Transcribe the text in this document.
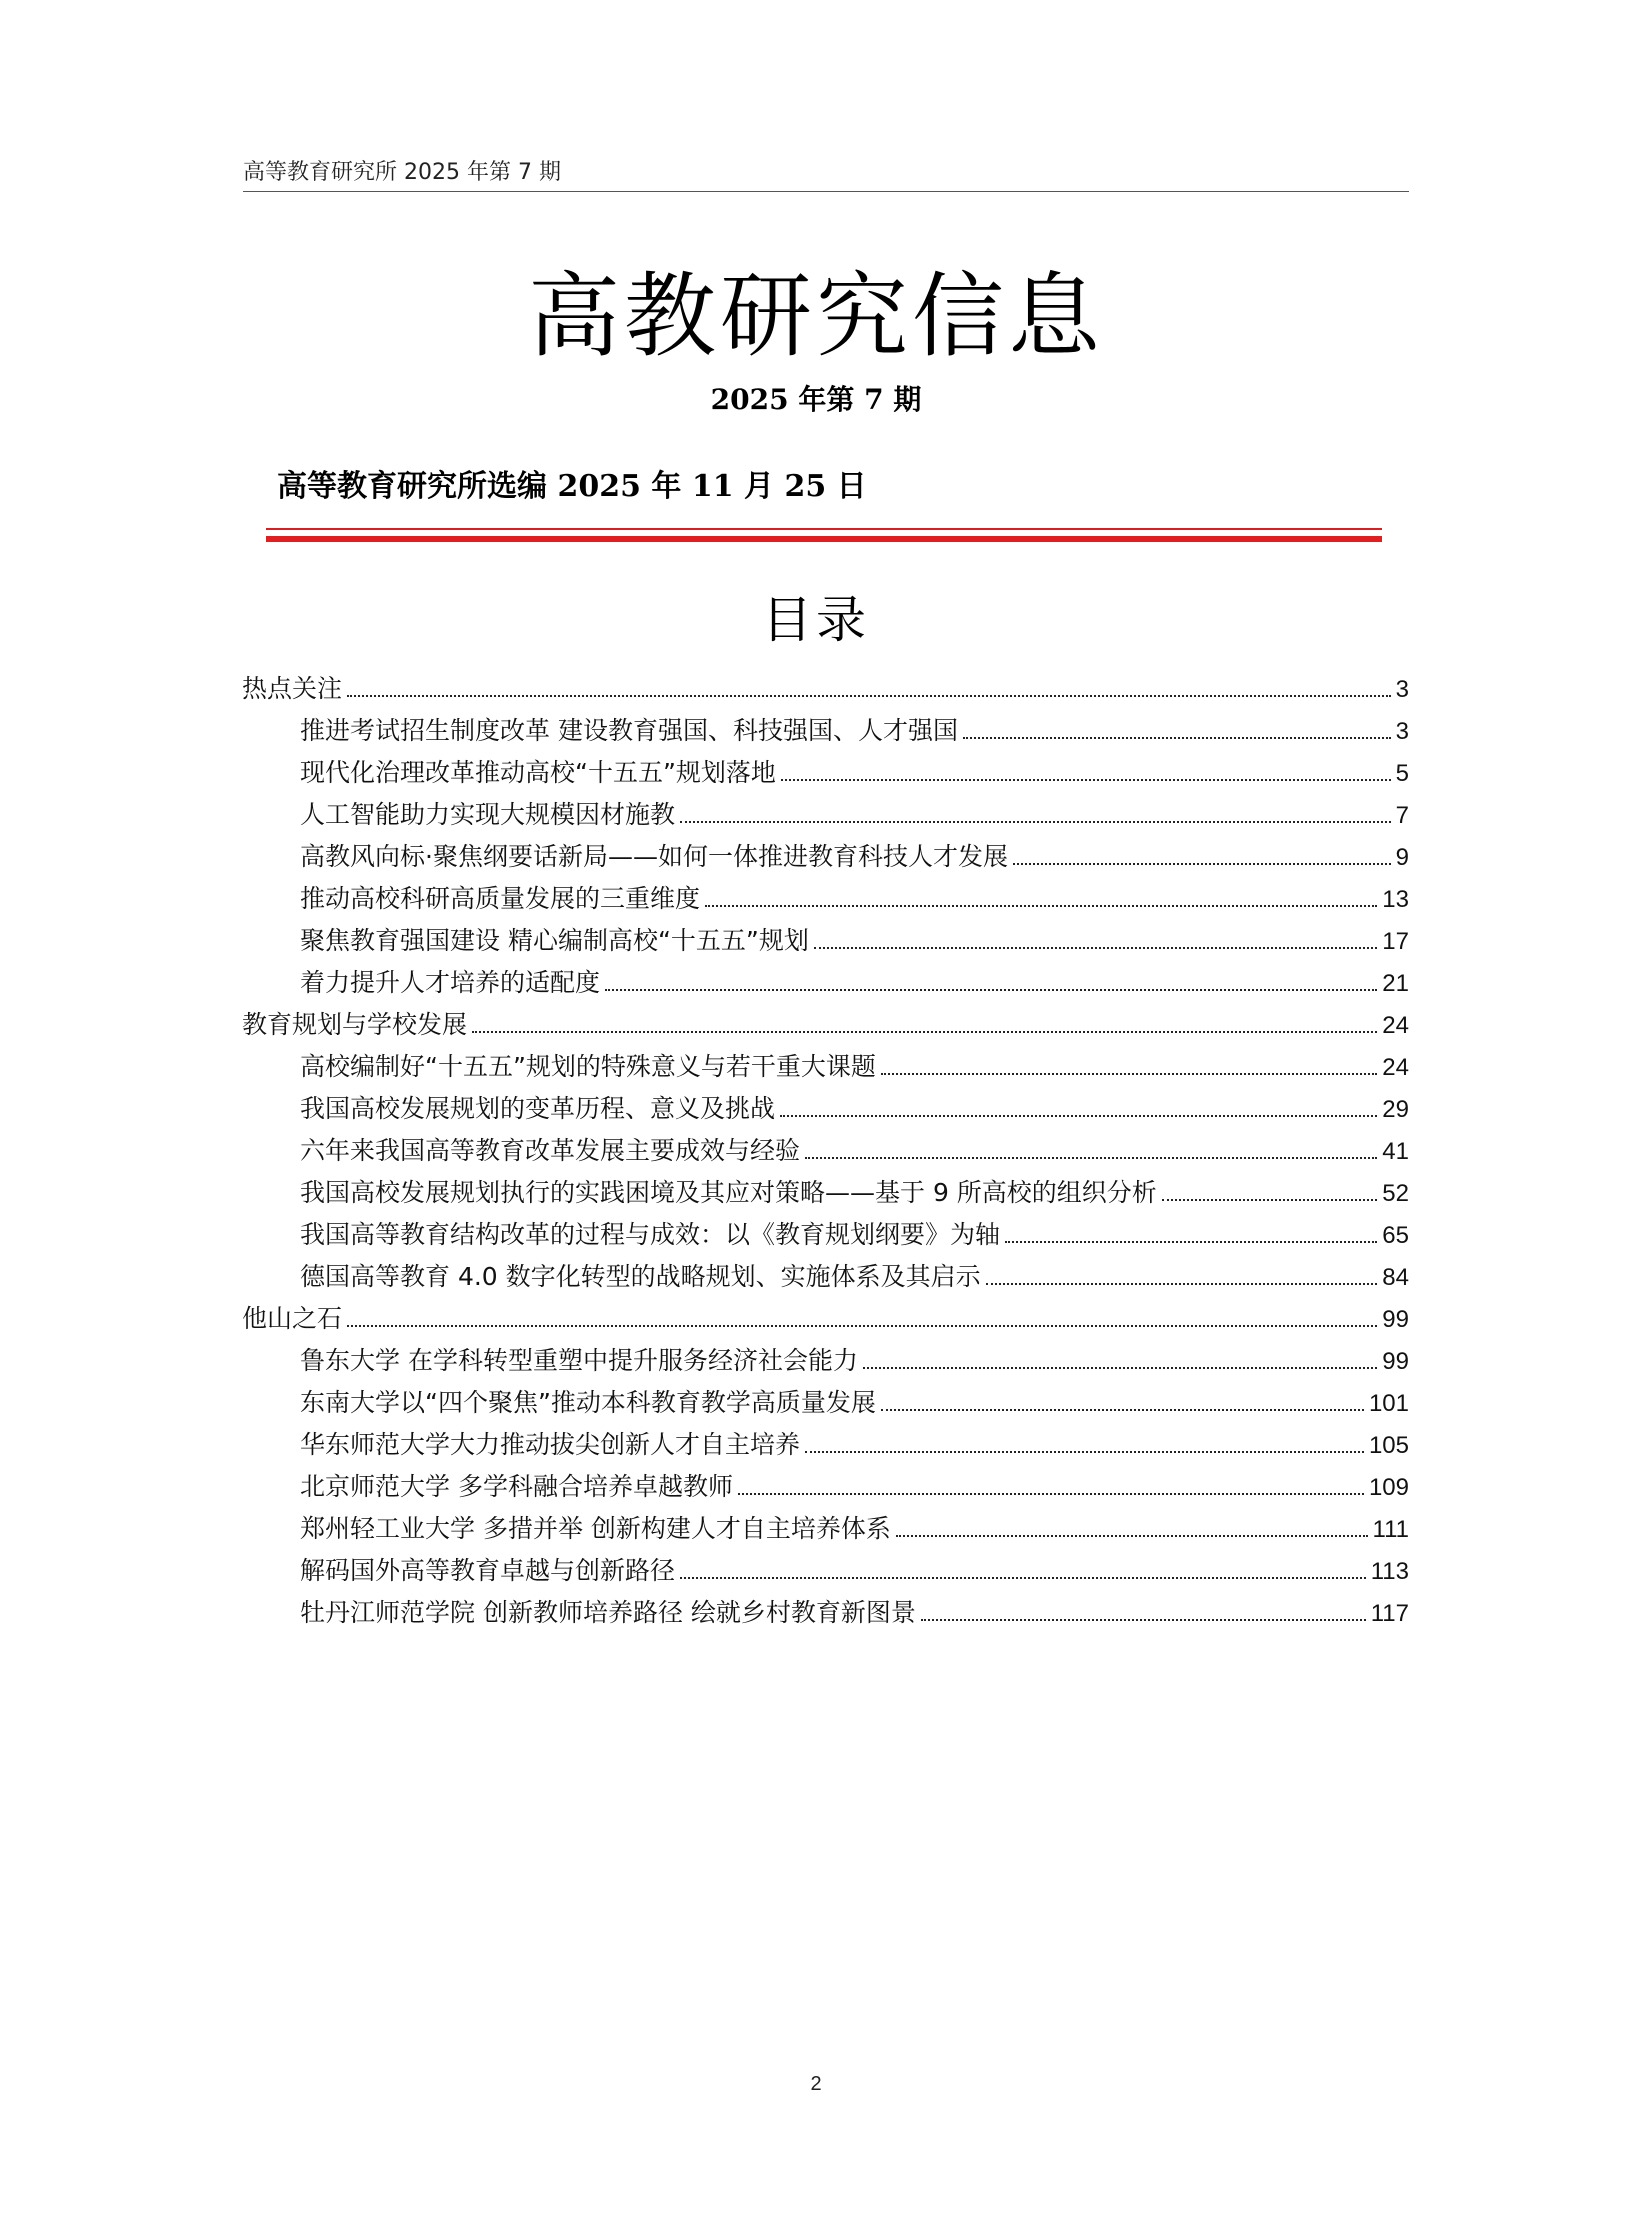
高等教育研究所 2025 年第 7 期
高教研究信息
2025 年第 7 期
高等教育研究所选编 2025 年 11 月 25 日
目录
热点关注	3
推进考试招生制度改革 建设教育强国、科技强国、人才强国	3
现代化治理改革推动高校“十五五”规划落地	5
人工智能助力实现大规模因材施教	7
高教风向标·聚焦纲要话新局——如何一体推进教育科技人才发展	9
推动高校科研高质量发展的三重维度	13
聚焦教育强国建设 精心编制高校“十五五”规划	17
着力提升人才培养的适配度	21
教育规划与学校发展	24
高校编制好“十五五”规划的特殊意义与若干重大课题	24
我国高校发展规划的变革历程、意义及挑战	29
六年来我国高等教育改革发展主要成效与经验	41
我国高校发展规划执行的实践困境及其应对策略——基于 9 所高校的组织分析	52
我国高等教育结构改革的过程与成效：以《教育规划纲要》为轴	65
德国高等教育 4.0 数字化转型的战略规划、实施体系及其启示	84
他山之石	99
鲁东大学 在学科转型重塑中提升服务经济社会能力	99
东南大学以“四个聚焦”推动本科教育教学高质量发展	101
华东师范大学大力推动拔尖创新人才自主培养	105
北京师范大学 多学科融合培养卓越教师	109
郑州轻工业大学 多措并举 创新构建人才自主培养体系	111
解码国外高等教育卓越与创新路径	113
牡丹江师范学院 创新教师培养路径 绘就乡村教育新图景	117
2
